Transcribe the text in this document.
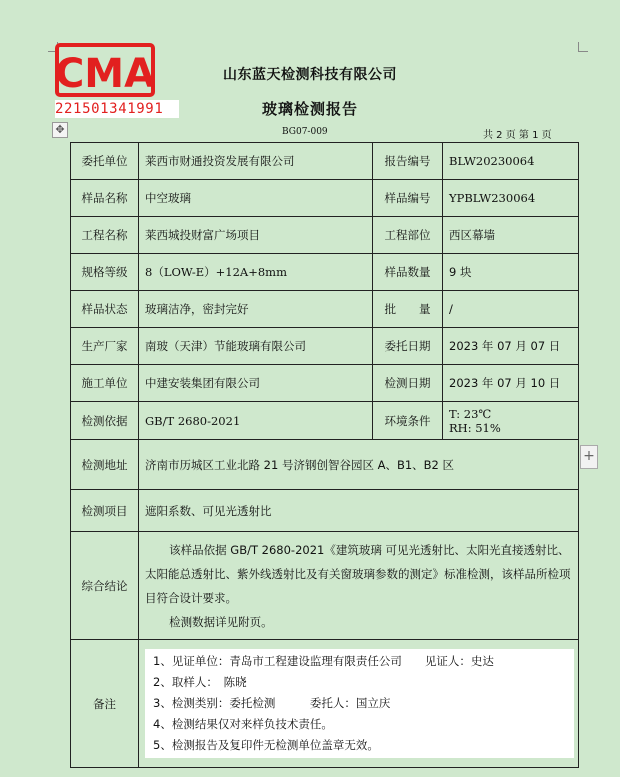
CMA
221501341991
山东蓝天检测科技有限公司
玻璃检测报告
✥	BG07-009	共 2 页 第 1 页
+
委托单位	莱西市财通投资发展有限公司	报告编号	BLW20230064
样品名称	中空玻璃	样品编号	YPBLW230064
工程名称	莱西城投财富广场项目	工程部位	西区幕墙
规格等级	8（LOW-E）+12A+8mm	样品数量	9 块
样品状态	玻璃洁净，密封完好	批　　量	/
生产厂家	南玻（天津）节能玻璃有限公司	委托日期	2023 年 07 月 07 日
施工单位	中建安装集团有限公司	检测日期	2023 年 07 月 10 日
检测依据	GB/T 2680-2021	环境条件	T: 23℃
RH: 51%

检测地址	济南市历城区工业北路 21 号济钢创智谷园区 A、B1、B2 区		
检测项目	遮阳系数、可见光透射比		
综合结论	该样品依据 GB/T 2680-2021《建筑玻璃 可见光透射比、太阳光直接透射比、太阳能总透射比、紫外线透射比及有关窗玻璃参数的测定》标准检测，该样品所检项目符合设计要求。

检测数据详见附页。		

备注	1、见证单位：青岛市工程建设监理有限责任公司　　见证人：史达
2、取样人：　陈晓
3、检测类别：委托检测　　　委托人：国立庆
4、检测结果仅对来样负技术责任。
5、检测报告及复印件无检测单位盖章无效。		
